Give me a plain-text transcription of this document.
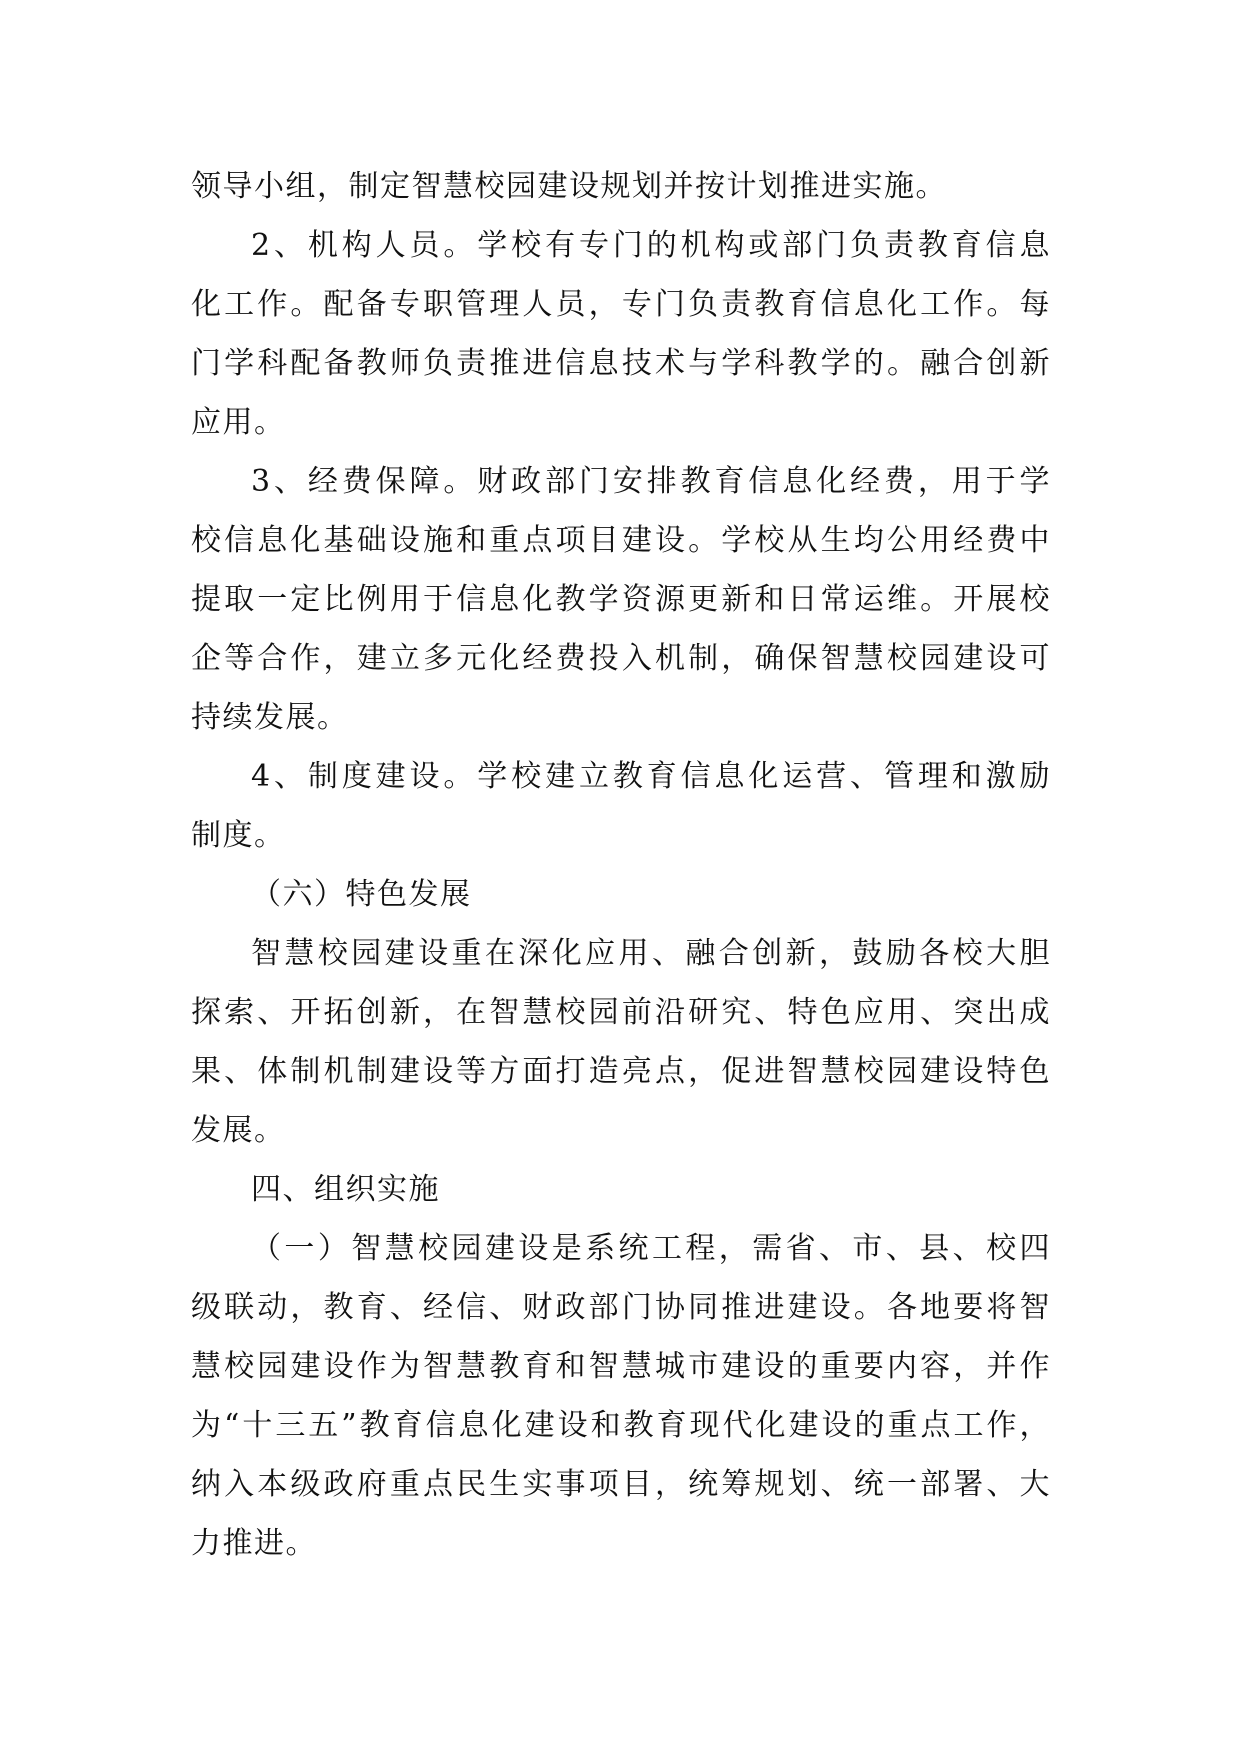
领导小组，制定智慧校园建设规划并按计划推进实施。
2、机构人员。学校有专门的机构或部门负责教育信息
化工作。配备专职管理人员，专门负责教育信息化工作。每
门学科配备教师负责推进信息技术与学科教学的。融合创新
应用。
3、经费保障。财政部门安排教育信息化经费，用于学
校信息化基础设施和重点项目建设。学校从生均公用经费中
提取一定比例用于信息化教学资源更新和日常运维。开展校
企等合作，建立多元化经费投入机制，确保智慧校园建设可
持续发展。
4、制度建设。学校建立教育信息化运营、管理和激励
制度。
（六）特色发展
智慧校园建设重在深化应用、融合创新，鼓励各校大胆
探索、开拓创新，在智慧校园前沿研究、特色应用、突出成
果、体制机制建设等方面打造亮点，促进智慧校园建设特色
发展。
四、组织实施
（一）智慧校园建设是系统工程，需省、市、县、校四
级联动，教育、经信、财政部门协同推进建设。各地要将智
慧校园建设作为智慧教育和智慧城市建设的重要内容，并作
为“十三五”教育信息化建设和教育现代化建设的重点工作，
纳入本级政府重点民生实事项目，统筹规划、统一部署、大
力推进。
